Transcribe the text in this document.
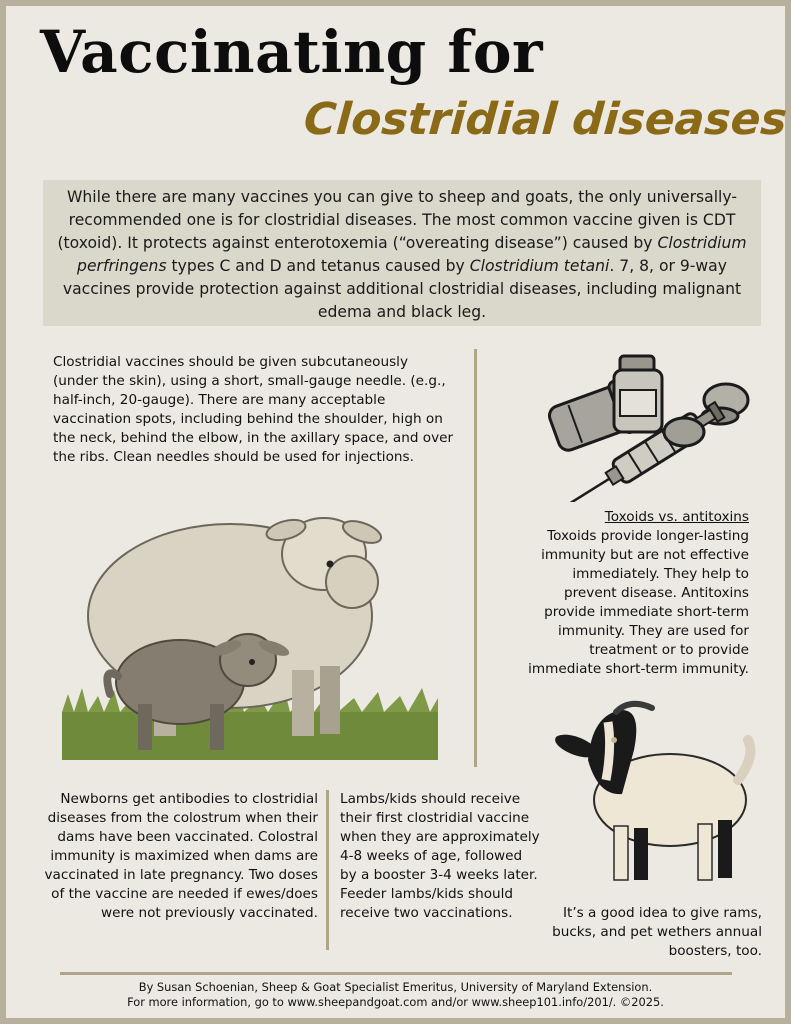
Vaccinating for
Clostridial diseases
While there are many vaccines you can give to sheep and goats, the only universally-recommended one is for clostridial diseases. The most common vaccine given is CDT (toxoid). It protects against enterotoxemia (“overeating disease”) caused by Clostridium perfringens types C and D and tetanus caused by Clostridium tetani. 7, 8, or 9-way vaccines provide protection against additional clostridial diseases, including malignant edema and black leg.
Clostridial vaccines should be given subcutaneously (under the skin), using a short, small-gauge needle. (e.g., half-inch, 20-gauge). There are many acceptable vaccination spots, including behind the shoulder, high on the neck, behind the elbow, in the axillary space, and over the ribs. Clean needles should be used for injections.
Toxoids vs. antitoxins
Toxoids provide longer-lasting immunity but are not effective immediately. They help to prevent disease. Antitoxins provide immediate short-term immunity. They are used for treatment or to provide immediate short-term immunity.
Newborns get antibodies to clostridial diseases from the colostrum when their dams have been vaccinated. Colostral immunity is maximized when dams are vaccinated in late pregnancy. Two doses of the vaccine are needed if ewes/does were not previously vaccinated.
Lambs/kids should receive their first clostridial vaccine when they are approximately 4-8 weeks of age, followed by a booster 3-4 weeks later. Feeder lambs/kids should receive two vaccinations.	It’s a good idea to give rams, bucks, and pet wethers annual boosters, too.
By Susan Schoenian, Sheep & Goat Specialist Emeritus, University of Maryland Extension.
For more information, go to www.sheepandgoat.com and/or www.sheep101.info/201/. ©2025.
